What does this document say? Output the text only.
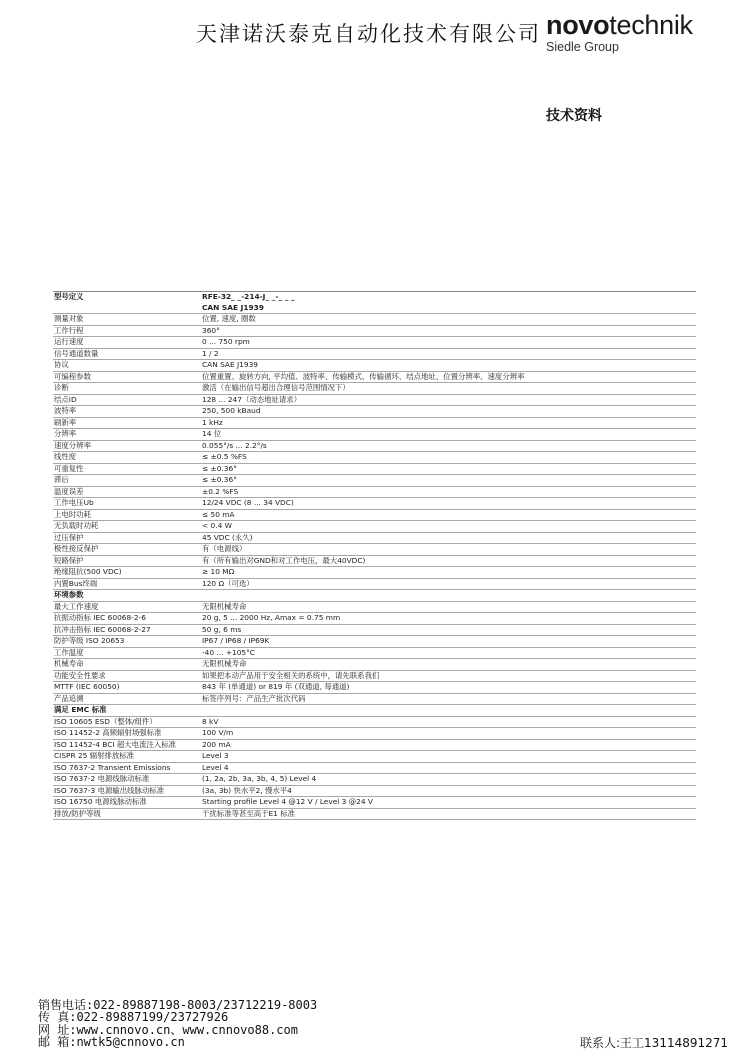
天津诺沃泰克自动化技术有限公司 novotechnik
Siedle Group
技术资料
型号定义	RFE-32_ _-214-J_ _-_ _ _
	CAN SAE J1939
测量对象	位置, 速度, 圈数
工作行程	360°
运行速度	0 ... 750 rpm
信号通道数量	1 / 2
协议	CAN SAE J1939
可编程参数	位置重置、旋转方向, 平均值、波特率、传输模式、传输循环、结点地址、位置分辨率、速度分辨率
诊断	激活（在输出信号超出合理信号范围情况下）
结点ID	128 ... 247（动态地址请求）
波特率	250, 500 kBaud
刷新率	1 kHz
分辨率	14 位
速度分辨率	0.055°/s ... 2.2°/s
线性度	≤ ±0.5 %FS
可重复性	≤ ±0.36°
滞后	≤ ±0.36°
温度误差	±0.2 %FS
工作电压Ub	12/24 VDC (8 ... 34 VDC)
上电时功耗	≤ 50 mA
无负载时功耗	< 0.4 W
过压保护	45 VDC (永久)
极性接反保护	有（电源线）
短路保护	有（所有输出对GND和对工作电压，最大40VDC)
绝缘阻抗(500 VDC)	≥ 10 MΩ
内置Bus终端	120 Ω（可选）
环境参数	
最大工作速度	无限机械寿命
抗振动指标 IEC 60068-2-6	20 g, 5 ... 2000 Hz, Amax = 0.75 mm
抗冲击指标 IEC 60068-2-27	50 g, 6 ms
防护等级 ISO 20653	IP67 / IP68 / IP69K
工作温度	-40 ... +105°C
机械寿命	无限机械寿命
功能安全性要求	如果把本动产品用于安全相关的系统中，请先联系我们
MTTF (IEC 60050)	843 年 (单通道) or 819 年 (双通道, 每通道)
产品追溯	标签序列号：产品生产批次代码
满足 EMC 标准	
ISO 10605 ESD（整体/组件）	8 kV
ISO 11452-2 高频辐射场强标准	100 V/m
ISO 11452-4 BCI 超大电流注入标准	200 mA
CISPR 25 辐射排放标准	Level 3
ISO 7637-2 Transient Emissions	Level 4
ISO 7637-2 电源线脉动标准	(1, 2a, 2b, 3a, 3b, 4, 5) Level 4
ISO 7637-3 电源输出线脉动标准	(3a, 3b) 快水平2, 慢水平4
ISO 16750 电源线脉动标准	Starting profile Level 4 @12 V / Level 3 @24 V
排放/防护等级	干扰标准等甚至高于E1 标准
销售电话:022-89887198-8003/23712219-8003
传 真:022-89887199/23727926
网 址:www.cnnovo.cn、www.cnnovo88.com
邮 箱:nwtk5@cnnovo.cn	联系人:王工13114891271
